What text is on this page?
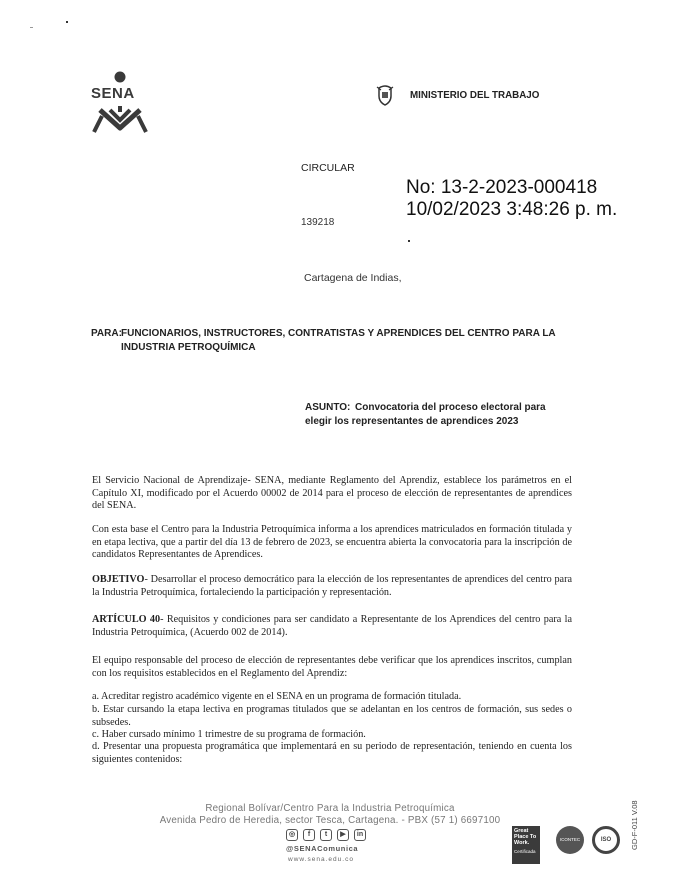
SENA	MINISTERIO DEL TRABAJO
CIRCULAR
No: 13-2-2023-000418
10/02/2023 3:48:26 p. m.
139218
Cartagena de Indias,
PARA: FUNCIONARIOS, INSTRUCTORES, CONTRATISTAS Y APRENDICES DEL CENTRO PARA LA
INDUSTRIA PETROQUÍMICA
ASUNTO: Convocatoria del proceso electoral para
elegir los representantes de aprendices 2023
El Servicio Nacional de Aprendizaje- SENA, mediante Reglamento del Aprendiz, establece los parámetros en el Capítulo XI, modificado por el Acuerdo 00002 de 2014 para el proceso de elección de representantes de aprendices del SENA.
Con esta base el Centro para la Industria Petroquímica informa a los aprendices matriculados en formación titulada y en etapa lectiva, que a partir del día 13 de febrero de 2023, se encuentra abierta la convocatoria para la inscripción de candidatos Representantes de Aprendices.
OBJETIVO- Desarrollar el proceso democrático para la elección de los representantes de aprendices del centro para la Industria Petroquímica, fortaleciendo la participación y representación.
ARTÍCULO 40- Requisitos y condiciones para ser candidato a Representante de los Aprendices del centro para la Industria Petroquímica, (Acuerdo 002 de 2014).
El equipo responsable del proceso de elección de representantes debe verificar que los aprendices inscritos, cumplan con los requisitos establecidos en el Reglamento del Aprendiz:
a. Acreditar registro académico vigente en el SENA en un programa de formación titulada.
b. Estar cursando la etapa lectiva en programas titulados que se adelantan en los centros de formación, sus sedes o subsedes.
c. Haber cursado mínimo 1 trimestre de su programa de formación.
d. Presentar una propuesta programática que implementará en su periodo de representación, teniendo en cuenta los siguientes contenidos:
Regional Bolívar/Centro Para la Industria Petroquímica
Avenida Pedro de Heredia, sector Tesca, Cartagena. - PBX (57 1) 6697100
◎	f	t	▶	in
@SENAComunica
www.sena.edu.co
Great Place To Work.
Certificada
ICONTEC	ISO	GD-F-011 V.08
